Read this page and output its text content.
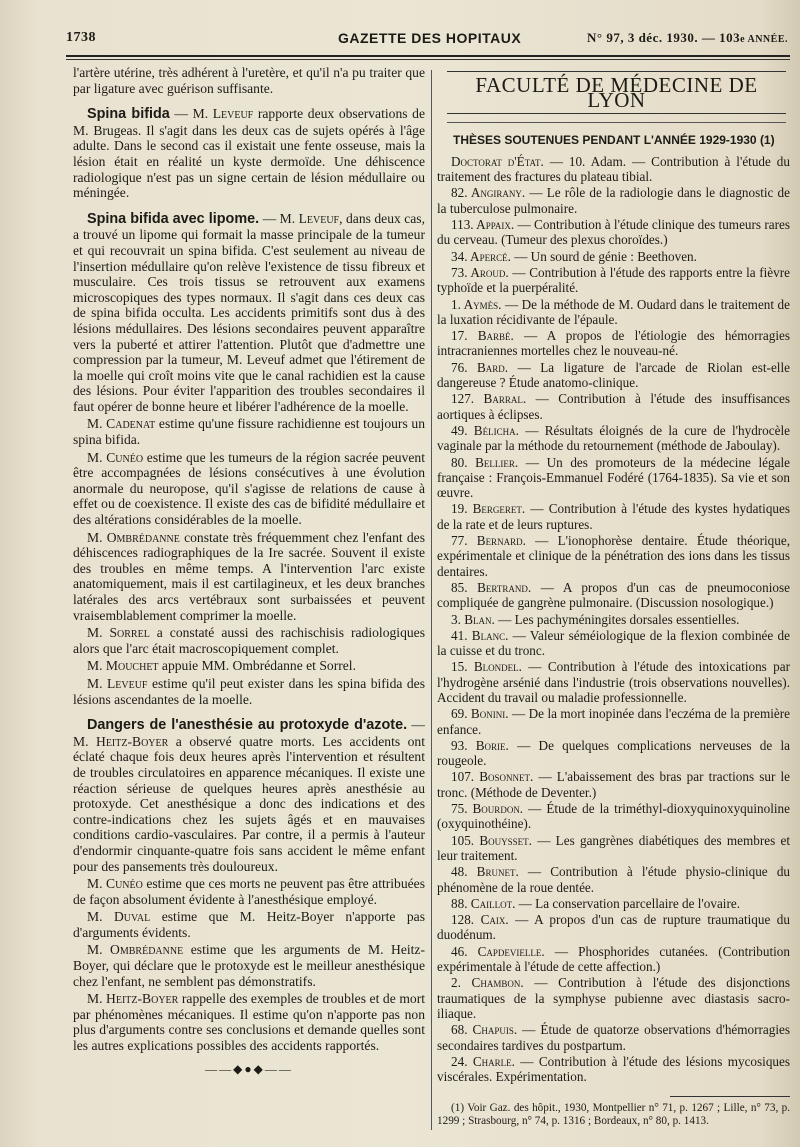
1738	GAZETTE DES HOPITAUX	N° 97, 3 déc. 1930. — 103e ANNÉE.

l'artère utérine, très adhérent à l'uretère, et qu'il n'a pu traiter que par ligature avec guérison suffisante.

Spina bifida — M. Leveuf rapporte deux observations de M. Brugeas. Il s'agit dans les deux cas de sujets opérés à l'âge adulte. Dans le second cas il existait une fente osseuse, mais la lésion était en réalité un kyste dermoïde. Une déhiscence radiologique n'est pas un signe certain de lésion médullaire ou méningée.

Spina bifida avec lipome. — M. Leveuf, dans deux cas, a trouvé un lipome qui formait la masse principale de la tumeur et qui recouvrait un spina bifida. C'est seulement au niveau de l'insertion médullaire qu'on relève l'existence de tissu fibreux et musculaire. Ces trois tissus se retrouvent aux examens microscopiques des types normaux. Il s'agit dans ces deux cas de spina bifida occulta. Les accidents primitifs sont dus à des lésions médullaires. Des lésions secondaires peuvent apparaître vers la puberté et attirer l'attention. Plutôt que d'admettre une compression par la tumeur, M. Leveuf admet que l'étirement de la moelle qui croît moins vite que le canal rachidien est la cause des lésions. Pour éviter l'apparition des troubles secondaires il faut opérer de bonne heure et libérer l'adhérence de la moelle.

M. Cadenat estime qu'une fissure rachidienne est toujours un spina bifida.

M. Cunéo estime que les tumeurs de la région sacrée peuvent être accompagnées de lésions consécutives à une évolution anormale du neuropose, qu'il s'agisse de relations de cause à effet ou de coexistence. Il existe des cas de bifidité médullaire et des altérations considérables de la moelle.

M. Ombrédanne constate très fréquemment chez l'enfant des déhiscences radiographiques de la Ire sacrée. Souvent il existe des troubles en même temps. A l'intervention l'arc existe anatomiquement, mais il est cartilagineux, et les deux branches latérales des arcs vertébraux sont surbaissées et peuvent vraisemblablement comprimer la moelle.

M. Sorrel a constaté aussi des rachischisis radiologiques alors que l'arc était macroscopiquement complet.

M. Mouchet appuie MM. Ombrédanne et Sorrel.

M. Leveuf estime qu'il peut exister dans les spina bifida des lésions ascendantes de la moelle.

Dangers de l'anesthésie au protoxyde d'azote. — M. Heitz-Boyer a observé quatre morts. Les accidents ont éclaté chaque fois deux heures après l'intervention et résultent de troubles circulatoires en apparence mécaniques. Il existe une réaction sérieuse de quelques heures après anesthésie au protoxyde. Cet anesthésique a donc des indications et des contre-indications chez les sujets âgés et en mauvaises conditions cardio-vasculaires. Par contre, il a permis à l'auteur d'endormir cinquante-quatre fois sans accident le même enfant pour des pansements très douloureux.

M. Cunéo estime que ces morts ne peuvent pas être attribuées de façon absolument évidente à l'anesthésique employé.

M. Duval estime que M. Heitz-Boyer n'apporte pas d'arguments évidents.

M. Ombrédanne estime que les arguments de M. Heitz-Boyer, qui déclare que le protoxyde est le meilleur anesthésique chez l'enfant, ne semblent pas démonstratifs.

M. Heitz-Boyer rappelle des exemples de troubles et de mort par phénomènes mécaniques. Il estime qu'on n'apporte pas non plus d'arguments contre ses conclusions et demande quelles sont les autres explications possibles des accidents rapportés.

——◆●◆——
FACULTÉ DE MÉDECINE DE LYON
THÈSES SOUTENUES PENDANT L'ANNÉE 1929-1930 (1)

Doctorat d'État. — 10. Adam. — Contribution à l'étude du traitement des fractures du plateau tibial.

82. Angirany. — Le rôle de la radiologie dans le diagnostic de la tuberculose pulmonaire.

113. Appaix. — Contribution à l'étude clinique des tumeurs rares du cerveau. (Tumeur des plexus choroïdes.)

34. Apercé. — Un sourd de génie : Beethoven.

73. Aroud. — Contribution à l'étude des rapports entre la fièvre typhoïde et la puerpéralité.

1. Aymès. — De la méthode de M. Oudard dans le traitement de la luxation récidivante de l'épaule.

17. Barbé. — A propos de l'étiologie des hémorragies intracraniennes mortelles chez le nouveau-né.

76. Bard. — La ligature de l'arcade de Riolan est-elle dangereuse ? Étude anatomo-clinique.

127. Barral. — Contribution à l'étude des insuffisances aortiques à éclipses.

49. Bélicha. — Résultats éloignés de la cure de l'hydrocèle vaginale par la méthode du retournement (méthode de Jaboulay).

80. Bellier. — Un des promoteurs de la médecine légale française : François-Emmanuel Fodéré (1764-1835). Sa vie et son œuvre.

19. Bergeret. — Contribution à l'étude des kystes hydatiques de la rate et de leurs ruptures.

77. Bernard. — L'ionophorèse dentaire. Étude théorique, expérimentale et clinique de la pénétration des ions dans les tissus dentaires.

85. Bertrand. — A propos d'un cas de pneumoconiose compliquée de gangrène pulmonaire. (Discussion nosologique.)

3. Blan. — Les pachyméningites dorsales essentielles.

41. Blanc. — Valeur séméiologique de la flexion combinée de la cuisse et du tronc.

15. Blondel. — Contribution à l'étude des intoxications par l'hydrogène arsénié dans l'industrie (trois observations nouvelles). Accident du travail ou maladie professionnelle.

69. Bonini. — De la mort inopinée dans l'eczéma de la première enfance.

93. Borie. — De quelques complications nerveuses de la rougeole.

107. Bosonnet. — L'abaissement des bras par tractions sur le tronc. (Méthode de Deventer.)

75. Bourdon. — Étude de la triméthyl-dioxyquinoxyquinoline (oxyquinothéine).

105. Bouysset. — Les gangrènes diabétiques des membres et leur traitement.

48. Brunet. — Contribution à l'étude physio-clinique du phénomène de la roue dentée.

88. Caillot. — La conservation parcellaire de l'ovaire.

128. Caix. — A propos d'un cas de rupture traumatique du duodénum.

46. Capdevielle. — Phosphorides cutanées. (Contribution expérimentale à l'étude de cette affection.)

2. Chambon. — Contribution à l'étude des disjonctions traumatiques de la symphyse pubienne avec diastasis sacro-iliaque.

68. Chapuis. — Étude de quatorze observations d'hémorragies secondaires tardives du postpartum.

24. Charle. — Contribution à l'étude des lésions mycosiques viscérales. Expérimentation.

(1) Voir Gaz. des hôpit., 1930, Montpellier n° 71, p. 1267 ; Lille, n° 73, p. 1299 ; Strasbourg, n° 74, p. 1316 ; Bordeaux, n° 80, p. 1413.
